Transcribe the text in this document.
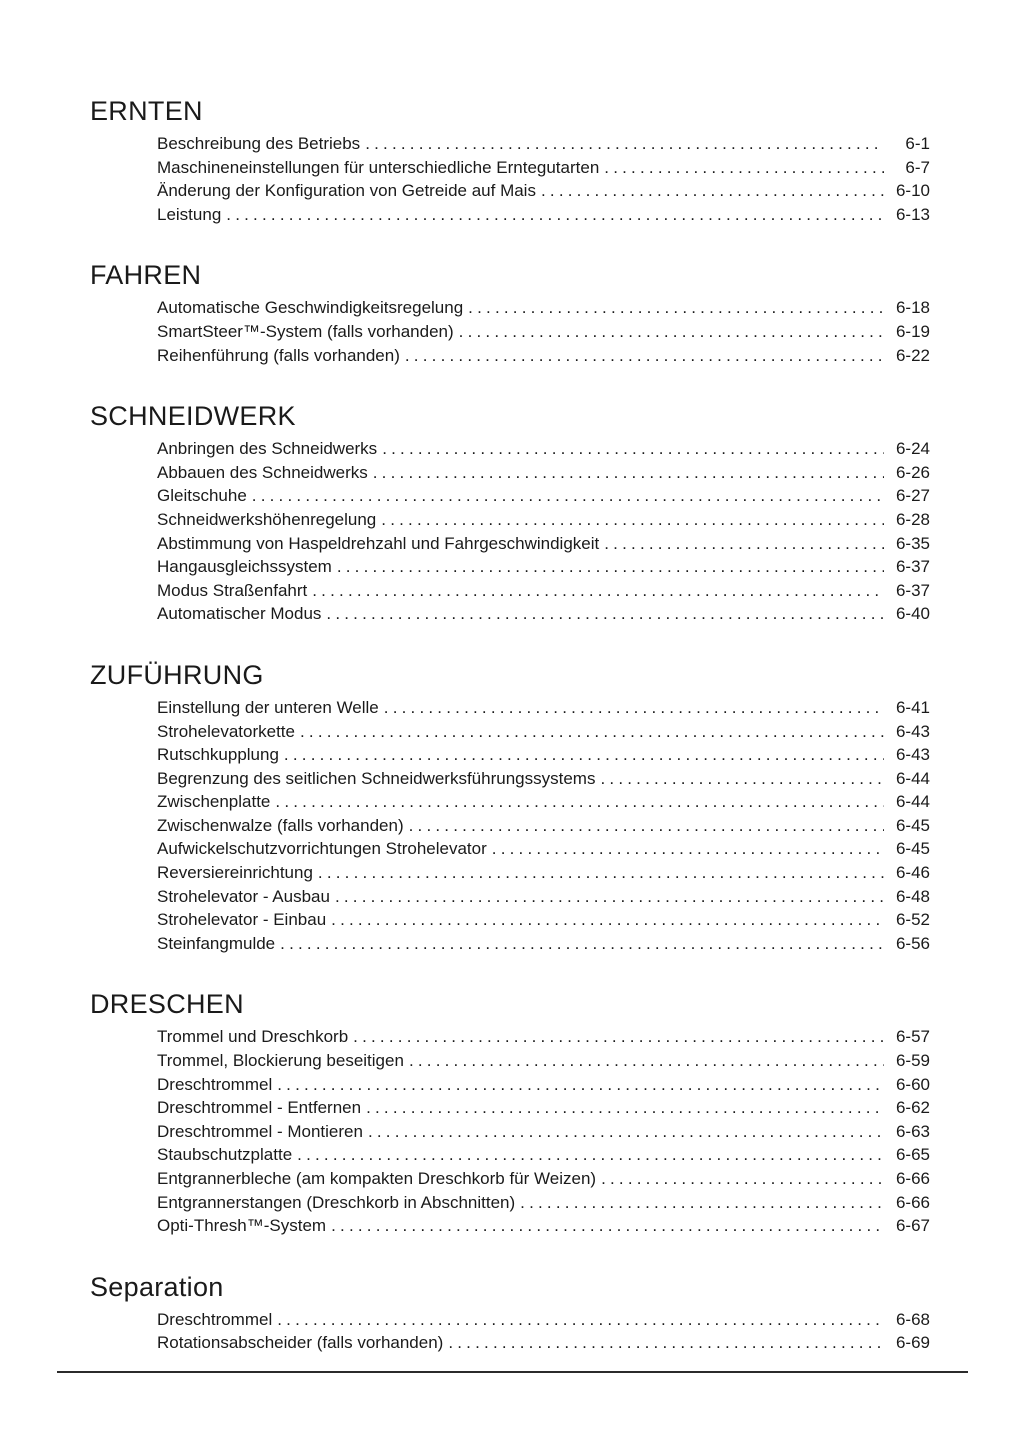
ERNTEN
Beschreibung des Betriebs .....	6-1
Maschineneinstellungen für unterschiedliche Erntegutarten .....	6-7
Änderung der Konfiguration von Getreide auf Mais .....	6-10
Leistung .....	6-13
FAHREN
Automatische Geschwindigkeitsregelung .....	6-18
SmartSteer™-System (falls vorhanden) .....	6-19
Reihenführung (falls vorhanden) .....	6-22
SCHNEIDWERK
Anbringen des Schneidwerks .....	6-24
Abbauen des Schneidwerks .....	6-26
Gleitschuhe .....	6-27
Schneidwerkshöhenregelung .....	6-28
Abstimmung von Haspeldrehzahl und Fahrgeschwindigkeit .....	6-35
Hangausgleichssystem .....	6-37
Modus Straßenfahrt .....	6-37
Automatischer Modus .....	6-40
ZUFÜHRUNG
Einstellung der unteren Welle .....	6-41
Strohelevatorkette .....	6-43
Rutschkupplung .....	6-43
Begrenzung des seitlichen Schneidwerksführungssystems .....	6-44
Zwischenplatte .....	6-44
Zwischenwalze (falls vorhanden) .....	6-45
Aufwickelschutzvorrichtungen Strohelevator .....	6-45
Reversiereinrichtung .....	6-46
Strohelevator - Ausbau .....	6-48
Strohelevator - Einbau .....	6-52
Steinfangmulde .....	6-56
DRESCHEN
Trommel und Dreschkorb .....	6-57
Trommel, Blockierung beseitigen .....	6-59
Dreschtrommel .....	6-60
Dreschtrommel - Entfernen .....	6-62
Dreschtrommel - Montieren .....	6-63
Staubschutzplatte .....	6-65
Entgrannerbleche (am kompakten Dreschkorb für Weizen) .....	6-66
Entgrannerstangen (Dreschkorb in Abschnitten) .....	6-66
Opti-Thresh™-System .....	6-67
Separation
Dreschtrommel .....	6-68
Rotationsabscheider (falls vorhanden) .....	6-69
